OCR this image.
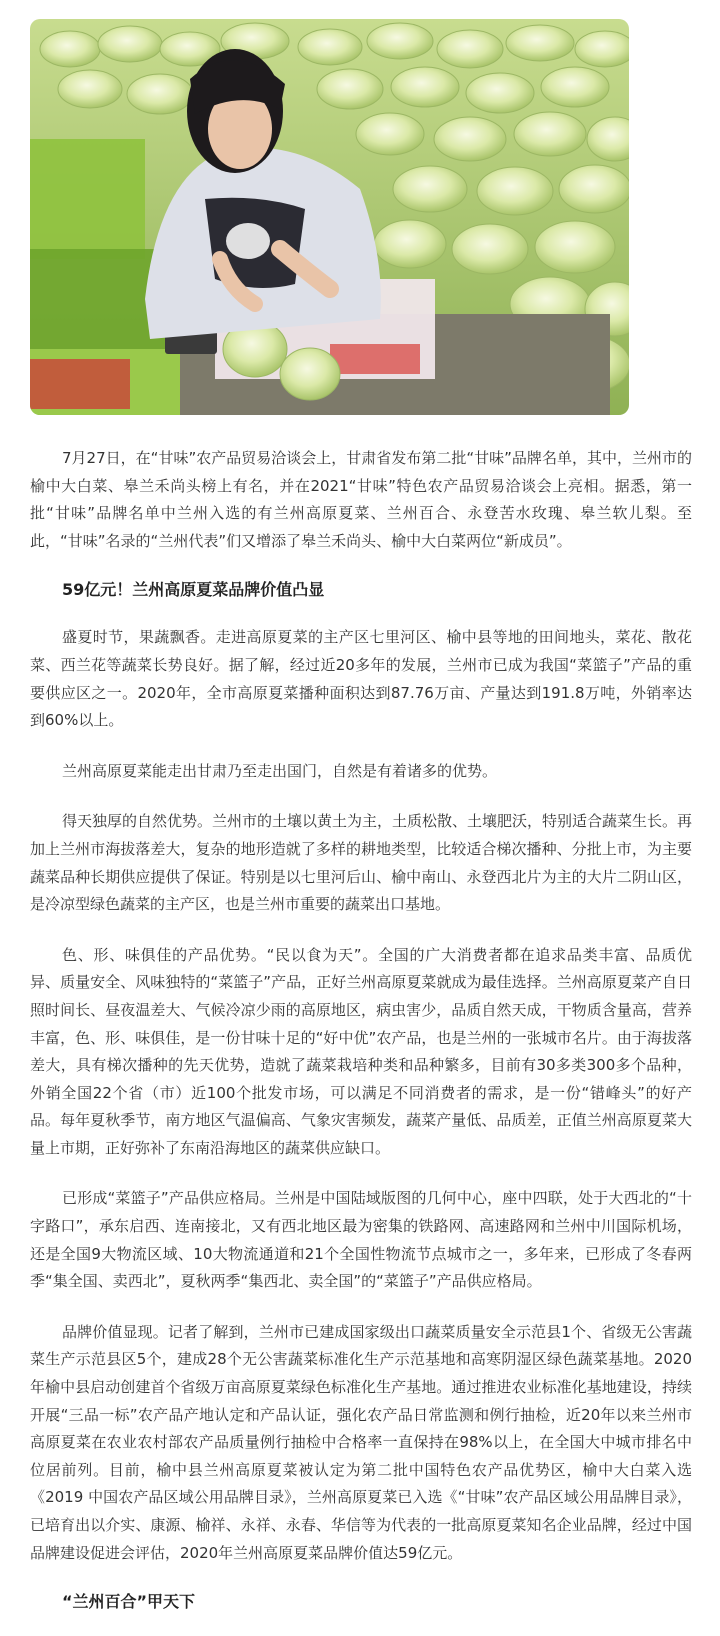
7月27日，在“甘味”农产品贸易洽谈会上，甘肃省发布第二批“甘味”品牌名单，其中，兰州市的榆中大白菜、皋兰禾尚头榜上有名，并在2021“甘味”特色农产品贸易洽谈会上亮相。据悉，第一批“甘味”品牌名单中兰州入选的有兰州高原夏菜、兰州百合、永登苦水玫瑰、皋兰软儿梨。至此，“甘味”名录的“兰州代表”们又增添了皋兰禾尚头、榆中大白菜两位“新成员”。

59亿元！兰州高原夏菜品牌价值凸显

盛夏时节，果蔬飘香。走进高原夏菜的主产区七里河区、榆中县等地的田间地头，菜花、散花菜、西兰花等蔬菜长势良好。据了解，经过近20多年的发展，兰州市已成为我国“菜篮子”产品的重要供应区之一。2020年，全市高原夏菜播种面积达到87.76万亩、产量达到191.8万吨，外销率达到60%以上。

兰州高原夏菜能走出甘肃乃至走出国门，自然是有着诸多的优势。

得天独厚的自然优势。兰州市的土壤以黄土为主，土质松散、土壤肥沃，特别适合蔬菜生长。再加上兰州市海拔落差大，复杂的地形造就了多样的耕地类型，比较适合梯次播种、分批上市，为主要蔬菜品种长期供应提供了保证。特别是以七里河后山、榆中南山、永登西北片为主的大片二阴山区，是冷凉型绿色蔬菜的主产区，也是兰州市重要的蔬菜出口基地。

色、形、味俱佳的产品优势。“民以食为天”。全国的广大消费者都在追求品类丰富、品质优异、质量安全、风味独特的“菜篮子”产品，正好兰州高原夏菜就成为最佳选择。兰州高原夏菜产自日照时间长、昼夜温差大、气候冷凉少雨的高原地区，病虫害少，品质自然天成，干物质含量高，营养丰富，色、形、味俱佳，是一份甘味十足的“好中优”农产品，也是兰州的一张城市名片。由于海拔落差大，具有梯次播种的先天优势，造就了蔬菜栽培种类和品种繁多，目前有30多类300多个品种，外销全国22个省（市）近100个批发市场，可以满足不同消费者的需求，是一份“错峰头”的好产品。每年夏秋季节，南方地区气温偏高、气象灾害频发，蔬菜产量低、品质差，正值兰州高原夏菜大量上市期，正好弥补了东南沿海地区的蔬菜供应缺口。

已形成“菜篮子”产品供应格局。兰州是中国陆域版图的几何中心，座中四联，处于大西北的“十字路口”，承东启西、连南接北，又有西北地区最为密集的铁路网、高速路网和兰州中川国际机场，还是全国9大物流区域、10大物流通道和21个全国性物流节点城市之一，多年来，已形成了冬春两季“集全国、卖西北”，夏秋两季“集西北、卖全国”的“菜篮子”产品供应格局。

品牌价值显现。记者了解到，兰州市已建成国家级出口蔬菜质量安全示范县1个、省级无公害蔬菜生产示范县区5个，建成28个无公害蔬菜标准化生产示范基地和高寒阴湿区绿色蔬菜基地。2020年榆中县启动创建首个省级万亩高原夏菜绿色标准化生产基地。通过推进农业标准化基地建设，持续开展“三品一标”农产品产地认定和产品认证，强化农产品日常监测和例行抽检，近20年以来兰州市高原夏菜在农业农村部农产品质量例行抽检中合格率一直保持在98%以上，在全国大中城市排名中位居前列。目前，榆中县兰州高原夏菜被认定为第二批中国特色农产品优势区，榆中大白菜入选《2019 中国农产品区域公用品牌目录》，兰州高原夏菜已入选《“甘味”农产品区域公用品牌目录》，已培育出以介实、康源、榆祥、永祥、永春、华信等为代表的一批高原夏菜知名企业品牌，经过中国品牌建设促进会评估，2020年兰州高原夏菜品牌价值达59亿元。

“兰州百合”甲天下
